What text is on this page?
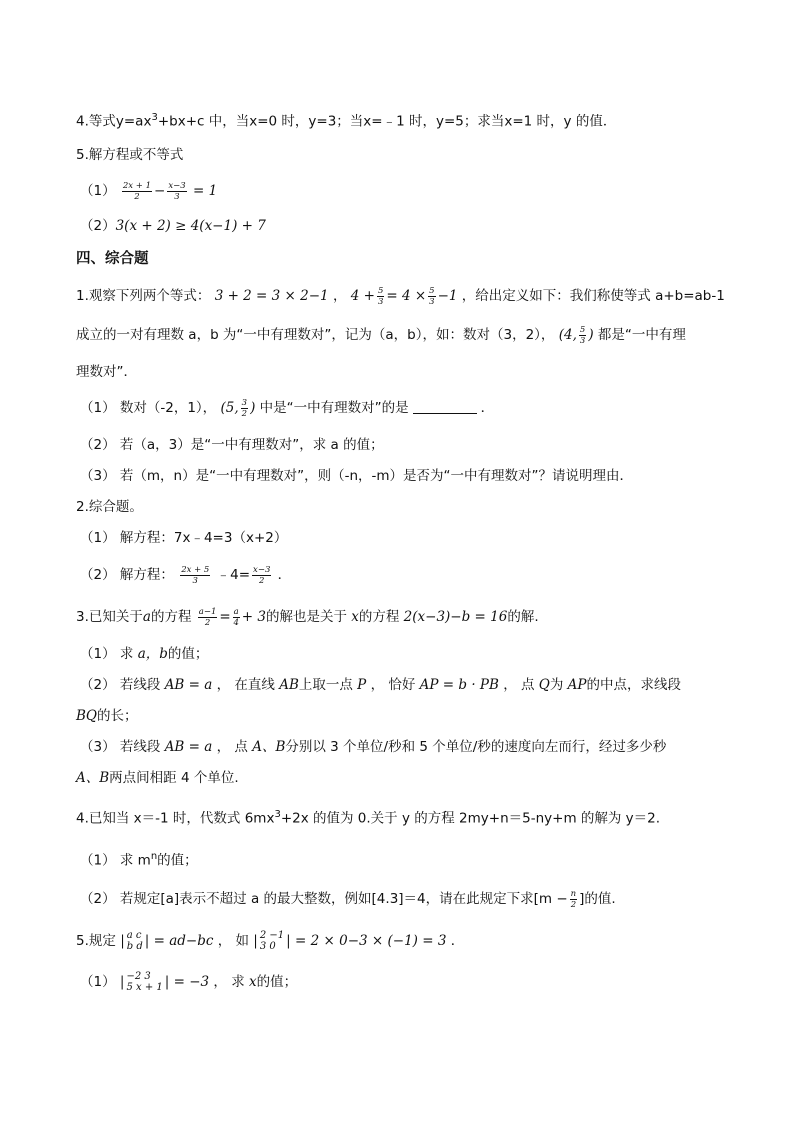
4.等式$y=ax^3+bx+c$ 中，当x=0 时，y=3；当x=﹣1 时，y=5；求当x=1 时，y 的值．
5.解方程或不等式
$(1) \frac{2x + 1}{2} - \frac{x-3}{3} = 1$
（2）3(x + 2) ≥ 4(x−1) + 7
四、综合题
1.观察下列两个等式： 3 + 2 = 3 × 2−1 ， $4 + \frac{5}{3} = 4 \times \frac{5}{3} -1$ ，给出定义如下：我们称使等式 a+b=ab-1
成立的一对有理数 a，b 为“一中有理数对”，记为（a，b），如：数对（3，2）， (4, $\frac{5}{3}$ ) 都是“一中有理
理数对”．
（1） 数对（-2，1）， (5, $\frac{3}{2}$ ) 中是“一中有理数对”的是	．
（2） 若（a，3）是“一中有理数对”，求 a 的值；
（3） 若（m，n）是“一中有理数对”，则（-n，-m）是否为“一中有理数对”？请说明理由．
2.综合题。
（1） 解方程：7x﹣4=3（x+2）
（2） 解方程： $\frac{2x + 5}{3}$ ﹣4= $\frac{x-3}{2}$ ．
3.已知关于a的方程 $\frac{a-1}{2} = \frac{a}{4} + 3$的解也是关于 x的方程 2(x−3)−b = 16的解.
（1） 求 a，b的值；
（2） 若线段 AB = a ， 在直线 AB上取一点 P ， 恰好 AP = b · PB ， 点 Q为 AP的中点，求线段
BQ的长；
（3） 若线段 AB = a ， 点 A、B分别以 3 个单位/秒和 5 个单位/秒的速度向左而行，经过多少秒
A、B两点间相距 4 个单位.
4.已知当 x＝-1 时，代数式 $6mx^3+2x$ 的值为 0.关于 y 的方程 2my+n＝5-ny+m 的解为 y＝2.
（1） 求 $m^n$的值；
（2） 若规定[a]表示不超过 a 的最大整数，例如[4.3]＝4，请在此规定下求[$m - \frac{n}{2}$ ]的值.
5.规定 | a c
b d | = ad−bc ， 如 | 2 −1
3 0 | = 2 × 0−3 × (−1) = 3 ．
（1） | −2 3
5 x + 1 | = −3 ， 求 x的值；
